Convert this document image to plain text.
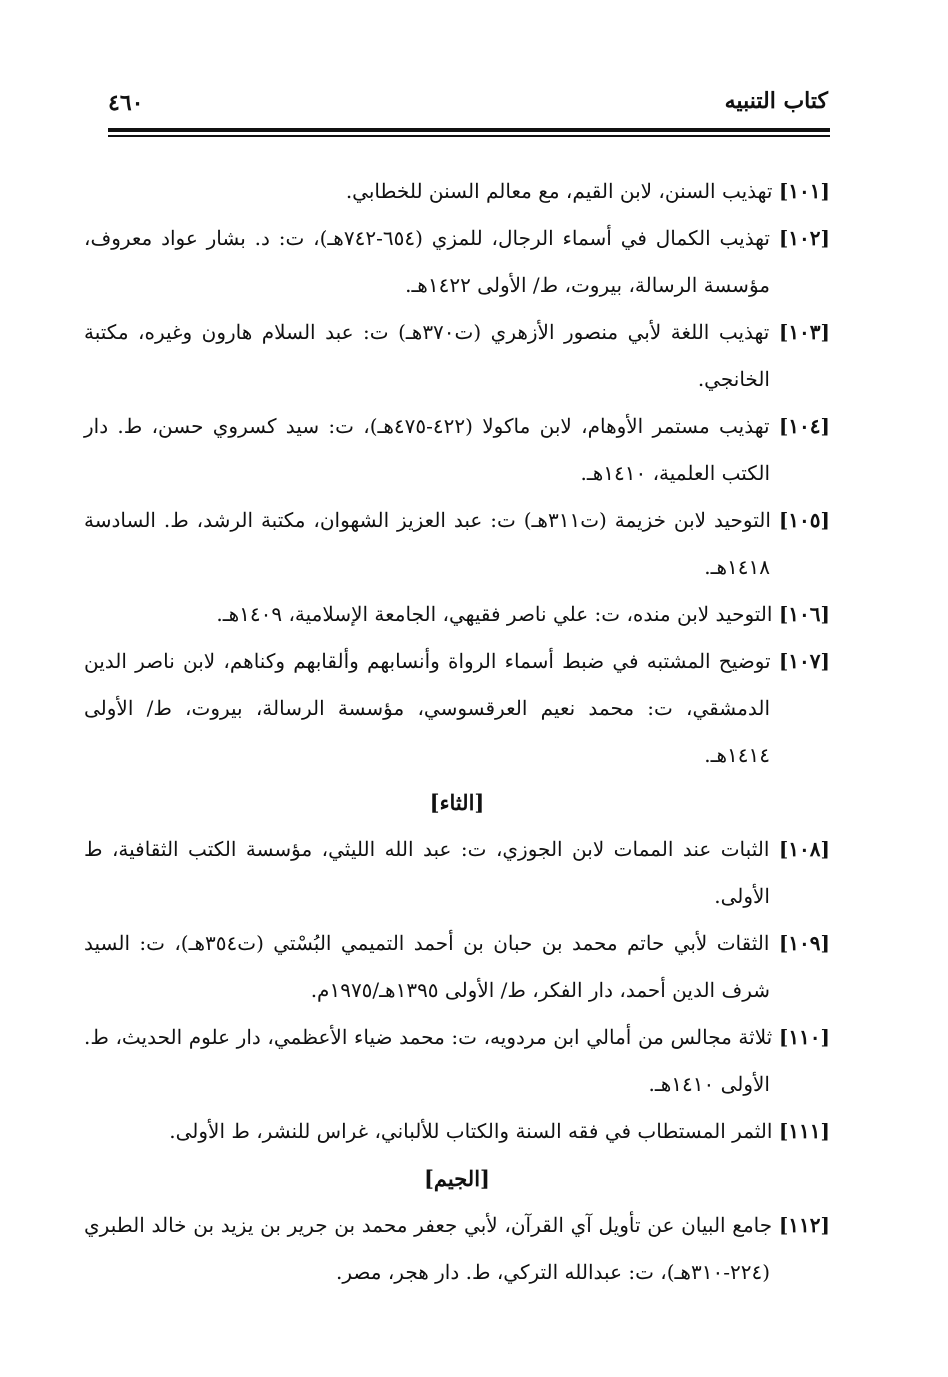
٤٦٠	كتاب التنبيه
[١٠١] تهذيب السنن، لابن القيم، مع معالم السنن للخطابي.
[١٠٢] تهذيب الكمال في أسماء الرجال، للمزي (٦٥٤-٧٤٢هـ)، ت: د. بشار عواد معروف، مؤسسة الرسالة، بيروت، ط/ الأولى ١٤٢٢هـ.
[١٠٣] تهذيب اللغة لأبي منصور الأزهري (ت٣٧٠هـ) ت: عبد السلام هارون وغيره، مكتبة الخانجي.
[١٠٤] تهذيب مستمر الأوهام، لابن ماكولا (٤٢٢-٤٧٥هـ)، ت: سيد كسروي حسن، ط. دار الكتب العلمية، ١٤١٠هـ.
[١٠٥] التوحيد لابن خزيمة (ت٣١١هـ) ت: عبد العزيز الشهوان، مكتبة الرشد، ط. السادسة ١٤١٨هـ.
[١٠٦] التوحيد لابن منده، ت: علي ناصر فقيهي، الجامعة الإسلامية، ١٤٠٩هـ.
[١٠٧] توضيح المشتبه في ضبط أسماء الرواة وأنسابهم وألقابهم وكناهم، لابن ناصر الدين الدمشقي، ت: محمد نعيم العرقسوسي، مؤسسة الرسالة، بيروت، ط/ الأولى ١٤١٤هـ.
[الثاء]
[١٠٨] الثبات عند الممات لابن الجوزي، ت: عبد الله الليثي، مؤسسة الكتب الثقافية، ط الأولى.
[١٠٩] الثقات لأبي حاتم محمد بن حبان بن أحمد التميمي البُسْتي (ت٣٥٤هـ)، ت: السيد شرف الدين أحمد، دار الفكر، ط/ الأولى ١٣٩٥هـ/١٩٧٥م.
[١١٠] ثلاثة مجالس من أمالي ابن مردويه، ت: محمد ضياء الأعظمي، دار علوم الحديث، ط. الأولى ١٤١٠هـ.
[١١١] الثمر المستطاب في فقه السنة والكتاب للألباني، غراس للنشر، ط الأولى.
[الجيم]
[١١٢] جامع البيان عن تأويل آي القرآن، لأبي جعفر محمد بن جرير بن يزيد بن خالد الطبري (٢٢٤-٣١٠هـ)، ت: عبدالله التركي، ط. دار هجر، مصر.
